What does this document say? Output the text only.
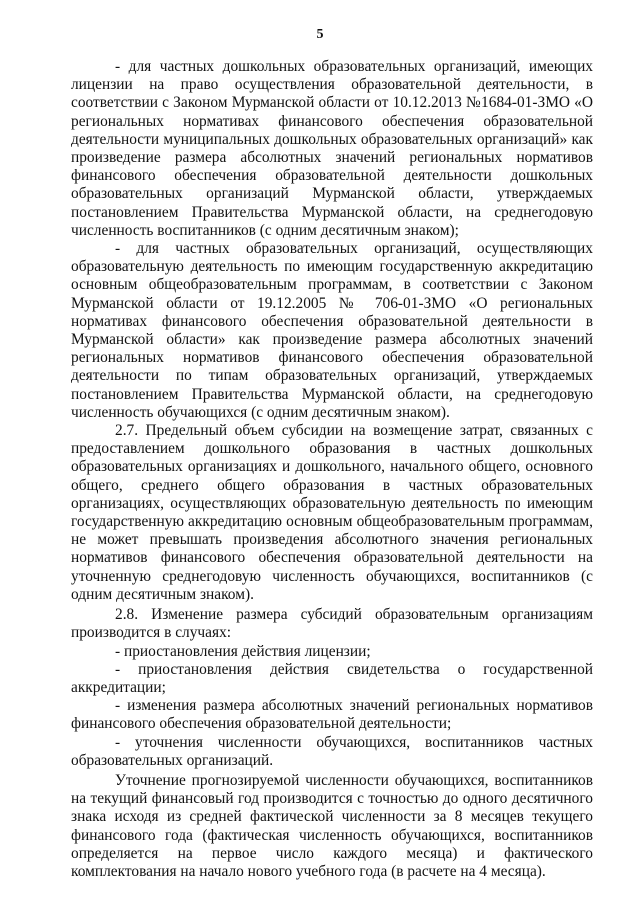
5

- для частных дошкольных образовательных организаций, имеющих лицензии на право осуществления образовательной деятельности, в соответствии с Законом Мурманской области от 10.12.2013 №1684-01-ЗМО «О региональных нормативах финансового обеспечения образовательной деятельности муниципальных дошкольных образовательных организаций» как произведение размера абсолютных значений региональных нормативов финансового обеспечения образовательной деятельности дошкольных образовательных организаций Мурманской области, утверждаемых постановлением Правительства Мурманской области, на среднегодовую численность воспитанников (с одним десятичным знаком);

- для частных образовательных организаций, осуществляющих образовательную деятельность по имеющим государственную аккредитацию основным общеобразовательным программам, в соответствии с Законом Мурманской области от 19.12.2005 № 706-01-ЗМО «О региональных нормативах финансового обеспечения образовательной деятельности в Мурманской области» как произведение размера абсолютных значений региональных нормативов финансового обеспечения образовательной деятельности по типам образовательных организаций, утверждаемых постановлением Правительства Мурманской области, на среднегодовую численность обучающихся (с одним десятичным знаком).

2.7. Предельный объем субсидии на возмещение затрат, связанных с предоставлением дошкольного образования в частных дошкольных образовательных организациях и дошкольного, начального общего, основного общего, среднего общего образования в частных образовательных организациях, осуществляющих образовательную деятельность по имеющим государственную аккредитацию основным общеобразовательным программам, не может превышать произведения абсолютного значения региональных нормативов финансового обеспечения образовательной деятельности на уточненную среднегодовую численность обучающихся, воспитанников (с одним десятичным знаком).

2.8. Изменение размера субсидий образовательным организациям производится в случаях:

- приостановления действия лицензии;

- приостановления действия свидетельства о государственной аккредитации;

- изменения размера абсолютных значений региональных нормативов финансового обеспечения образовательной деятельности;

- уточнения численности обучающихся, воспитанников частных образовательных организаций.

Уточнение прогнозируемой численности обучающихся, воспитанников на текущий финансовый год производится с точностью до одного десятичного знака исходя из средней фактической численности за 8 месяцев текущего финансового года (фактическая численность обучающихся, воспитанников определяется на первое число каждого месяца) и фактического комплектования на начало нового учебного года (в расчете на 4 месяца).
